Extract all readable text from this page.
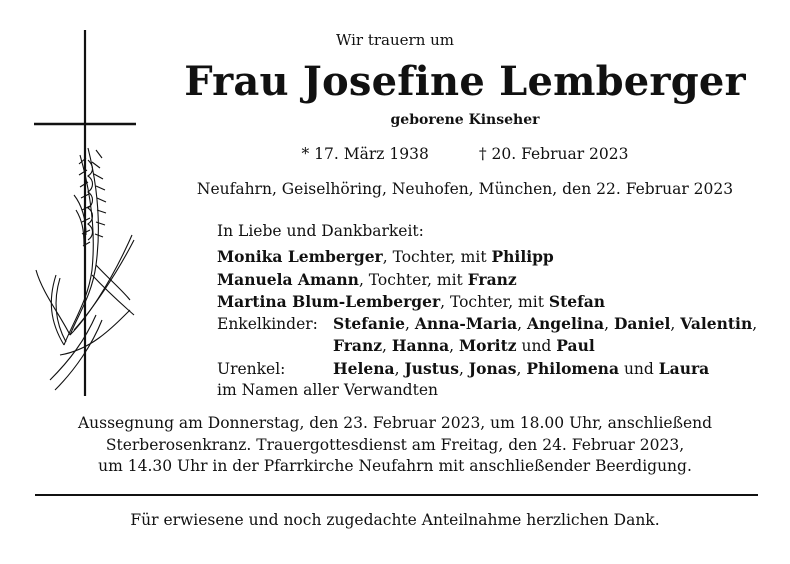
Wir trauern um
Frau Josefine Lemberger
geborene Kinseher
* 17. März 1938	† 20. Februar 2023
Neufahrn, Geiselhöring, Neuhofen, München, den 22. Februar 2023
In Liebe und Dankbarkeit:
Monika Lemberger, Tochter, mit Philipp
Manuela Amann, Tochter, mit Franz
Martina Blum-Lemberger, Tochter, mit Stefan
Enkelkinder: Stefanie, Anna-Maria, Angelina, Daniel, Valentin,
Franz, Hanna, Moritz und Paul
Urenkel:	Helena, Justus, Jonas, Philomena und Laura
im Namen aller Verwandten
Aussegnung am Donnerstag, den 23. Februar 2023, um 18.00 Uhr, anschließend
Sterberosenkranz. Trauergottesdienst am Freitag, den 24. Februar 2023,
um 14.30 Uhr in der Pfarrkirche Neufahrn mit anschließender Beerdigung.
Für erwiesene und noch zugedachte Anteilnahme herzlichen Dank.
